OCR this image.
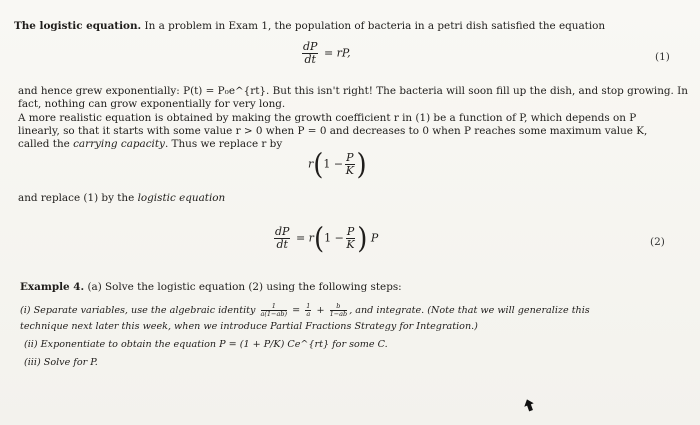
The logistic equation. In a problem in Exam 1, the population of bacteria in a petri dish satisfied the equation
$\frac{dP}{dt}$ = rP,	(1)
and hence grew exponentially: P(t) = P₀e^{rt}. But this isn't right! The bacteria will soon fill up the dish, and stop growing. In
fact, nothing can grow exponentially for very long.
A more realistic equation is obtained by making the growth coefficient r in (1) be a function of P, which depends on P
linearly, so that it starts with some value r > 0 when P = 0 and decreases to 0 when P reaches some maximum value K,
called the carrying capacity. Thus we replace r by
$r(1 - \frac{P}{K}$ )
and replace (1) by the logistic equation
$\frac{dP}{dt} = r(1 - \frac{P}{K}$ ) P	(2)
Example 4. (a) Solve the logistic equation (2) using the following steps:
(i) Separate variables, use the algebraic identity $\frac{1}{a(1-ab)} = \frac{1}{a} + \frac{b}{1-ab}$ , and integrate. (Note that we will generalize this
technique next later this week, when we introduce Partial Fractions Strategy for Integration.)
(ii) Exponentiate to obtain the equation P = (1 + P/K) Ce^{rt} for some C.
(iii) Solve for P.
